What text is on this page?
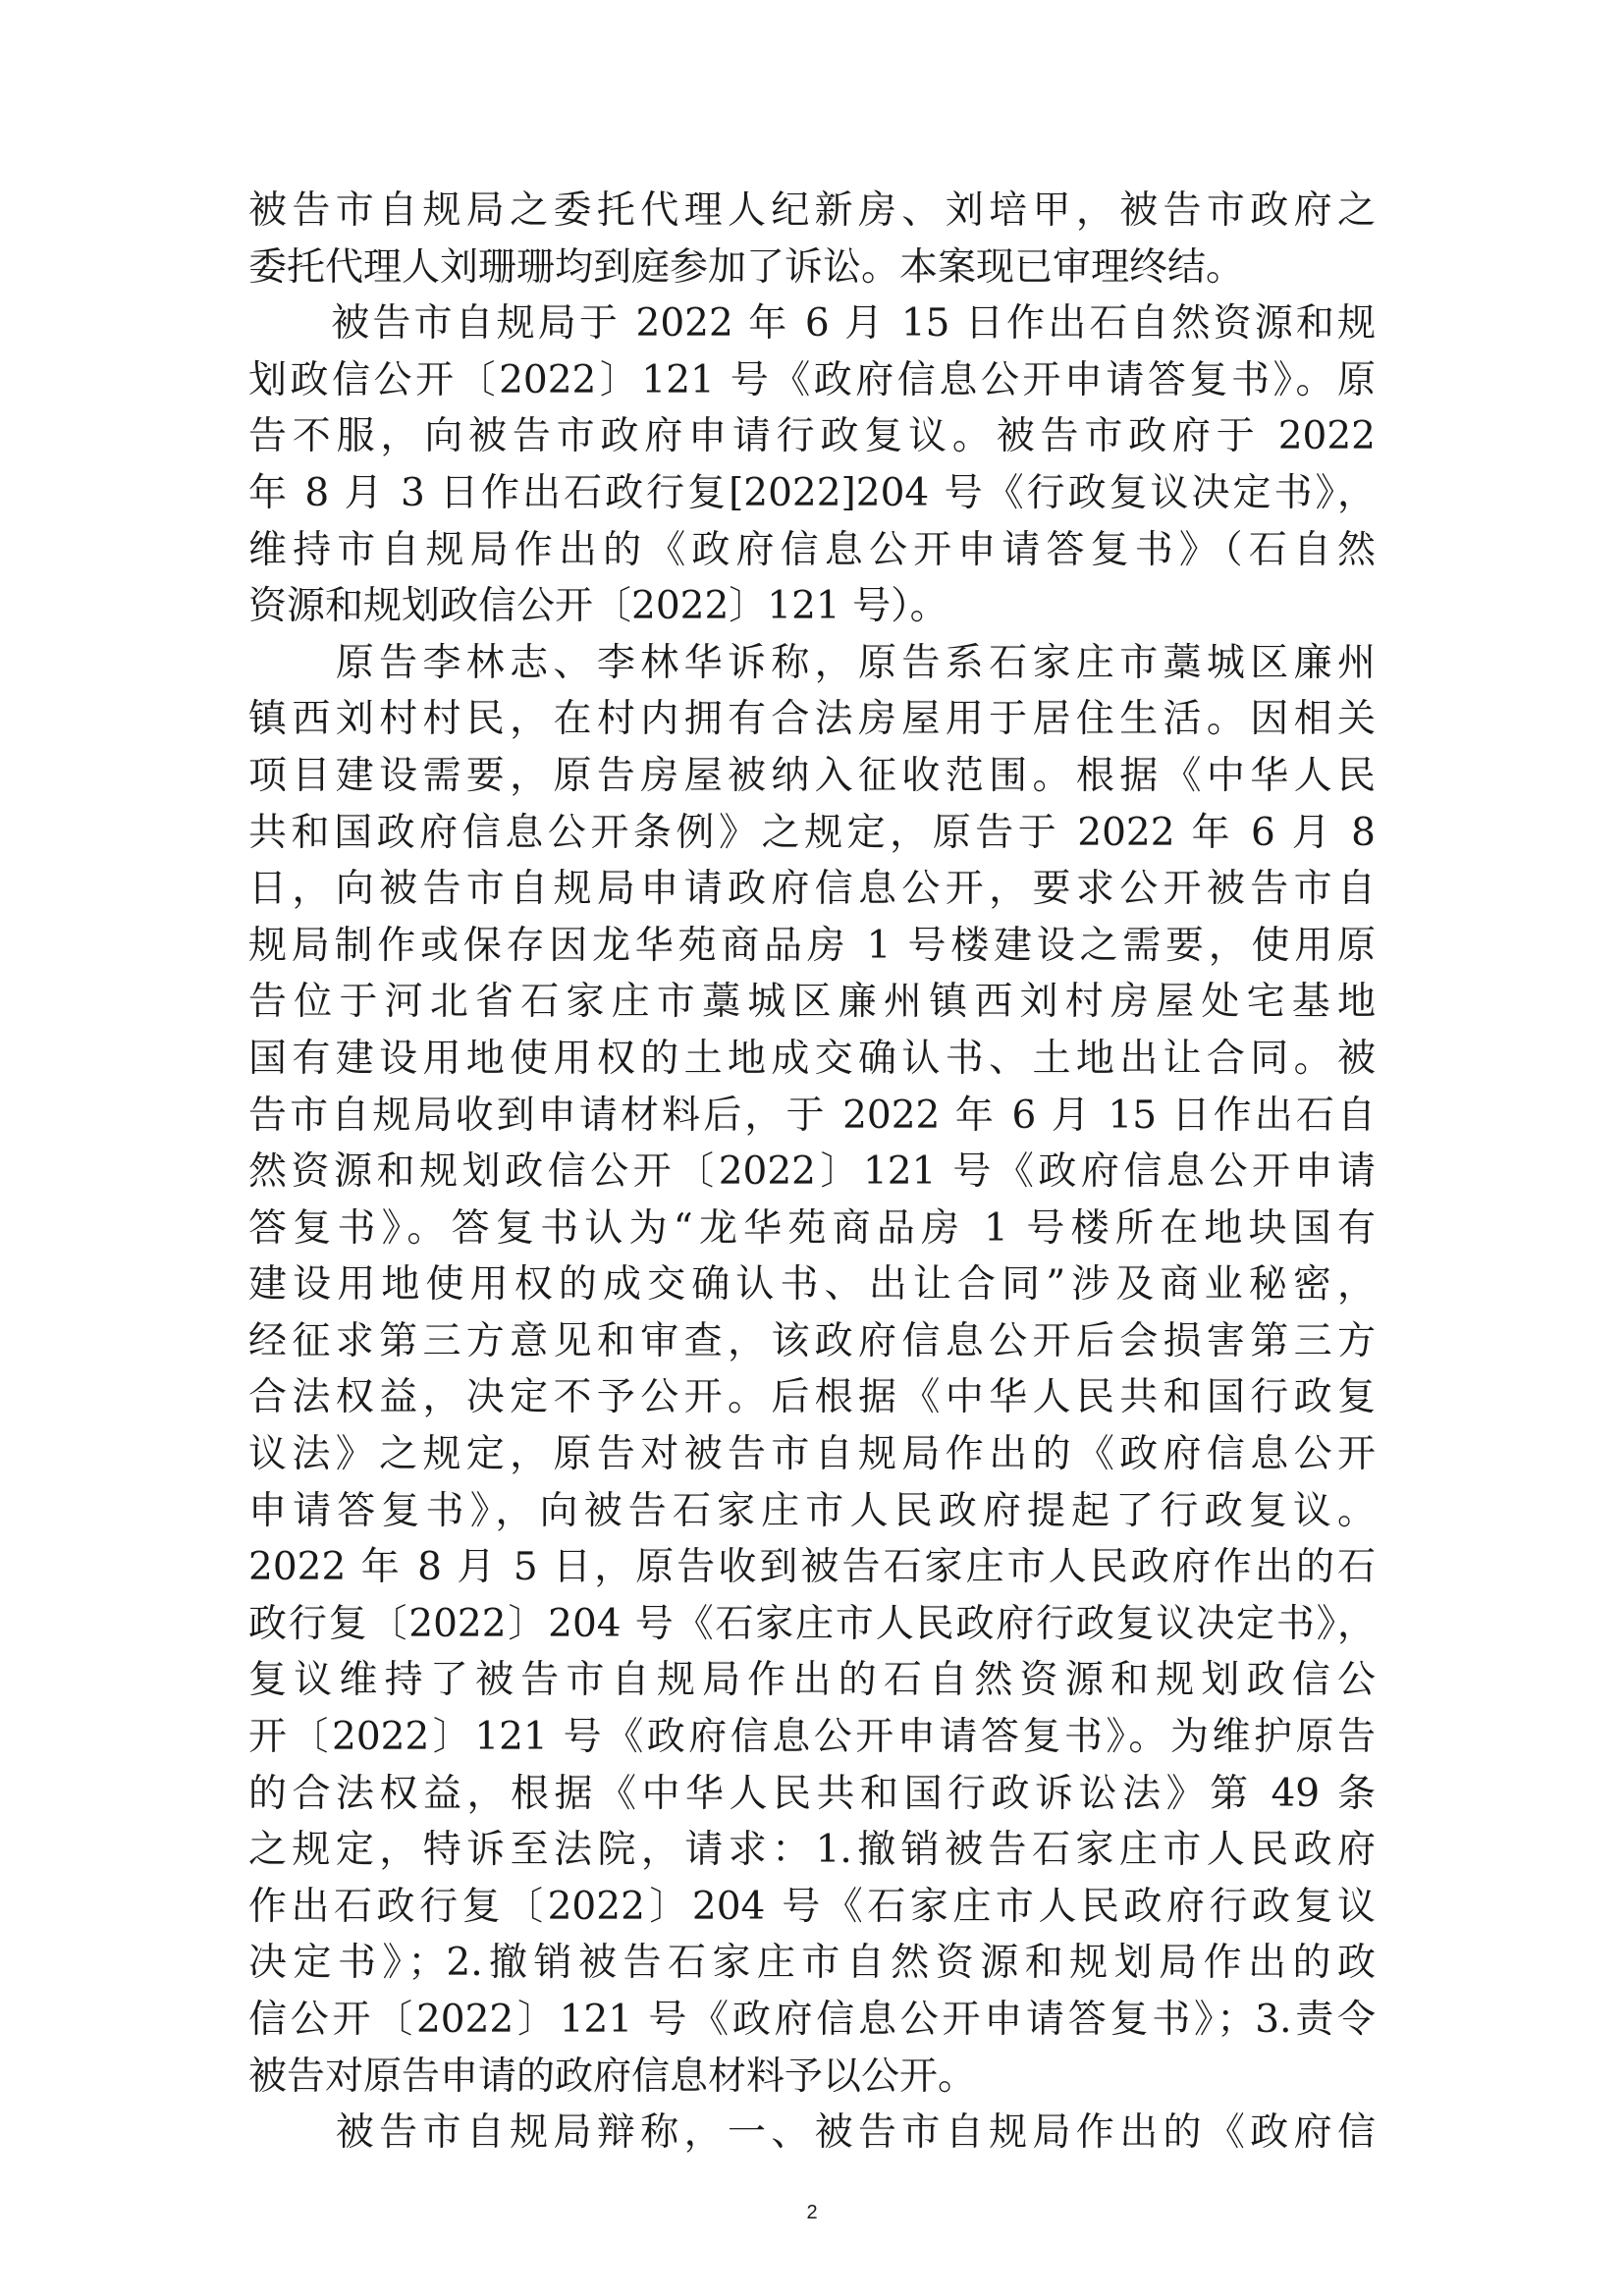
被告市自规局之委托代理人纪新房、刘培甲，被告市政府之
委托代理人刘珊珊均到庭参加了诉讼。本案现已审理终结。
　　被告市自规局于 2022 年 6 月 15 日作出石自然资源和规
划政信公开〔2022〕121 号《政府信息公开申请答复书》。原
告不服，向被告市政府申请行政复议。被告市政府于 2022
年 8 月 3 日作出石政行复[2022]204 号《行政复议决定书》，
维持市自规局作出的《政府信息公开申请答复书》（石自然
资源和规划政信公开〔2022〕121 号）。
　　原告李林志、李林华诉称，原告系石家庄市藁城区廉州
镇西刘村村民，在村内拥有合法房屋用于居住生活。因相关
项目建设需要，原告房屋被纳入征收范围。根据《中华人民
共和国政府信息公开条例》之规定，原告于 2022 年 6 月 8
日，向被告市自规局申请政府信息公开，要求公开被告市自
规局制作或保存因龙华苑商品房 1 号楼建设之需要，使用原
告位于河北省石家庄市藁城区廉州镇西刘村房屋处宅基地
国有建设用地使用权的土地成交确认书、土地出让合同。被
告市自规局收到申请材料后，于 2022 年 6 月 15 日作出石自
然资源和规划政信公开〔2022〕121 号《政府信息公开申请
答复书》。答复书认为“龙华苑商品房 1 号楼所在地块国有
建设用地使用权的成交确认书、出让合同”涉及商业秘密，
经征求第三方意见和审查，该政府信息公开后会损害第三方
合法权益，决定不予公开。后根据《中华人民共和国行政复
议法》之规定，原告对被告市自规局作出的《政府信息公开
申请答复书》，向被告石家庄市人民政府提起了行政复议。
2022 年 8 月 5 日，原告收到被告石家庄市人民政府作出的石
政行复〔2022〕204 号《石家庄市人民政府行政复议决定书》，
复议维持了被告市自规局作出的石自然资源和规划政信公
开〔2022〕121 号《政府信息公开申请答复书》。为维护原告
的合法权益，根据《中华人民共和国行政诉讼法》第 49 条
之规定，特诉至法院，请求：1.撤销被告石家庄市人民政府
作出石政行复〔2022〕204 号《石家庄市人民政府行政复议
决定书》；2.撤销被告石家庄市自然资源和规划局作出的政
信公开〔2022〕121 号《政府信息公开申请答复书》；3.责令
被告对原告申请的政府信息材料予以公开。
　　被告市自规局辩称，一、被告市自规局作出的《政府信
2
